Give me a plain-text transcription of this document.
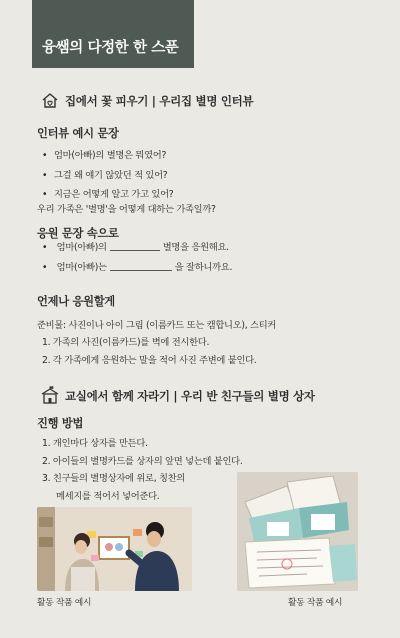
융쌤의 다정한 한 스푼
집에서 꽃 피우기 | 우리집 별명 인터뷰
인터뷰 예시 문장
• 엄마(아빠)의 별명은 뭐였어?
• 그걸 왜 얘기 않았던 적 있어?
• 지금은 어떻게 알고 가고 있어?
우리 가족은 '별명'을 어떻게 대하는 가족일까?
응원 문장 속으로
• 엄마(아빠)의	별명을 응원해요.
• 엄마(아빠)는	을 잘하니까요.
언제나 응원할게
준비물: 사진이나 아이 그림 (이름카드 또는 캠합니오), 스티커
1. 가족의 사진(이름카드)를 벽에 전시한다.
2. 각 가족에게 응원하는 말을 적어 사진 주변에 붙인다.
교실에서 함께 자라기 | 우리 반 친구들의 별명 상자
진행 방법
1. 개인마다 상자를 만든다.
2. 아이들의 별명카드를 상자의 앞면 넣는데 붙인다.
3. 친구들의 별명상자에 위로, 칭찬의
메세지를 적어서 넣어준다.
활동 작품 예시	활동 작품 예시
